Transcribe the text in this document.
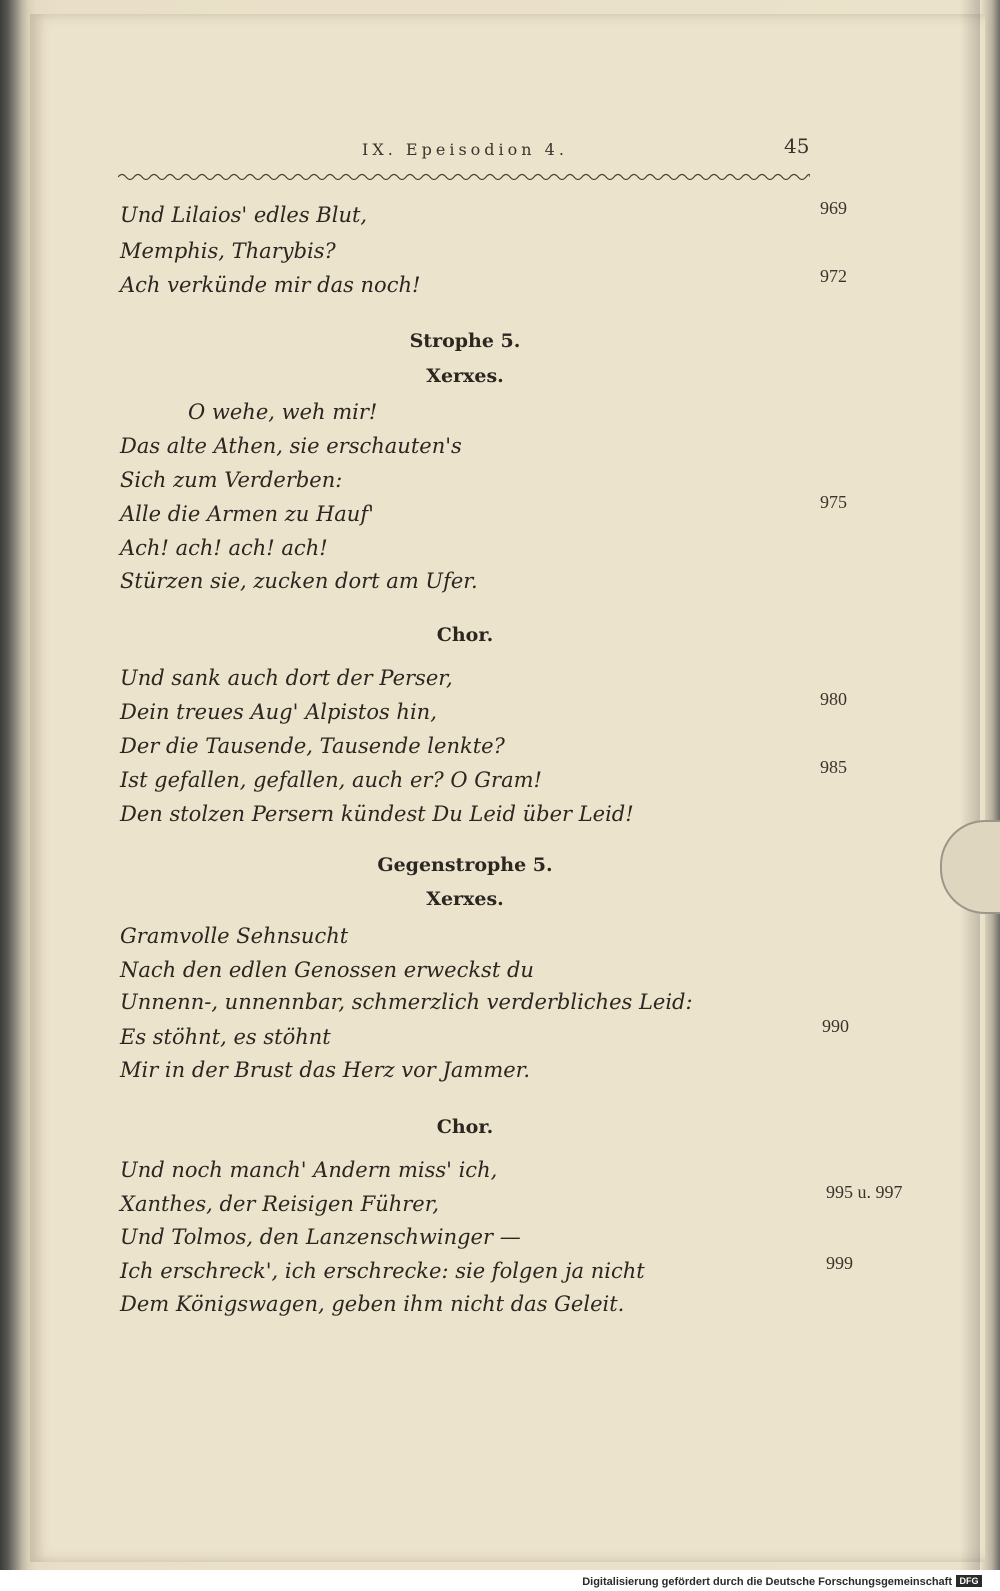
IX. Epeisodion 4.	45
Und Lilaios' edles Blut,
Memphis, Tharybis?
Ach verkünde mir das noch!
Strophe 5.
Xerxes.
O wehe, weh mir!
Das alte Athen, sie erschauten's
Sich zum Verderben:
Alle die Armen zu Hauf'
Ach! ach! ach! ach!
Stürzen sie, zucken dort am Ufer.
Chor.
Und sank auch dort der Perser,
Dein treues Aug' Alpistos hin,
Der die Tausende, Tausende lenkte?
Ist gefallen, gefallen, auch er? O Gram!
Den stolzen Persern kündest Du Leid über Leid!
Gegenstrophe 5.
Xerxes.
Gramvolle Sehnsucht
Nach den edlen Genossen erweckst du
Unnenn-, unnennbar, schmerzlich verderbliches Leid:
Es stöhnt, es stöhnt
Mir in der Brust das Herz vor Jammer.
Chor.
Und noch manch' Andern miss' ich,
Xanthes, der Reisigen Führer,
Und Tolmos, den Lanzenschwinger —
Ich erschreck', ich erschrecke: sie folgen ja nicht
Dem Königswagen, geben ihm nicht das Geleit.
969
972
975
980
985
990
995 u. 997
999
Digitalisierung gefördert durch die Deutsche Forschungsgemeinschaft DFG
